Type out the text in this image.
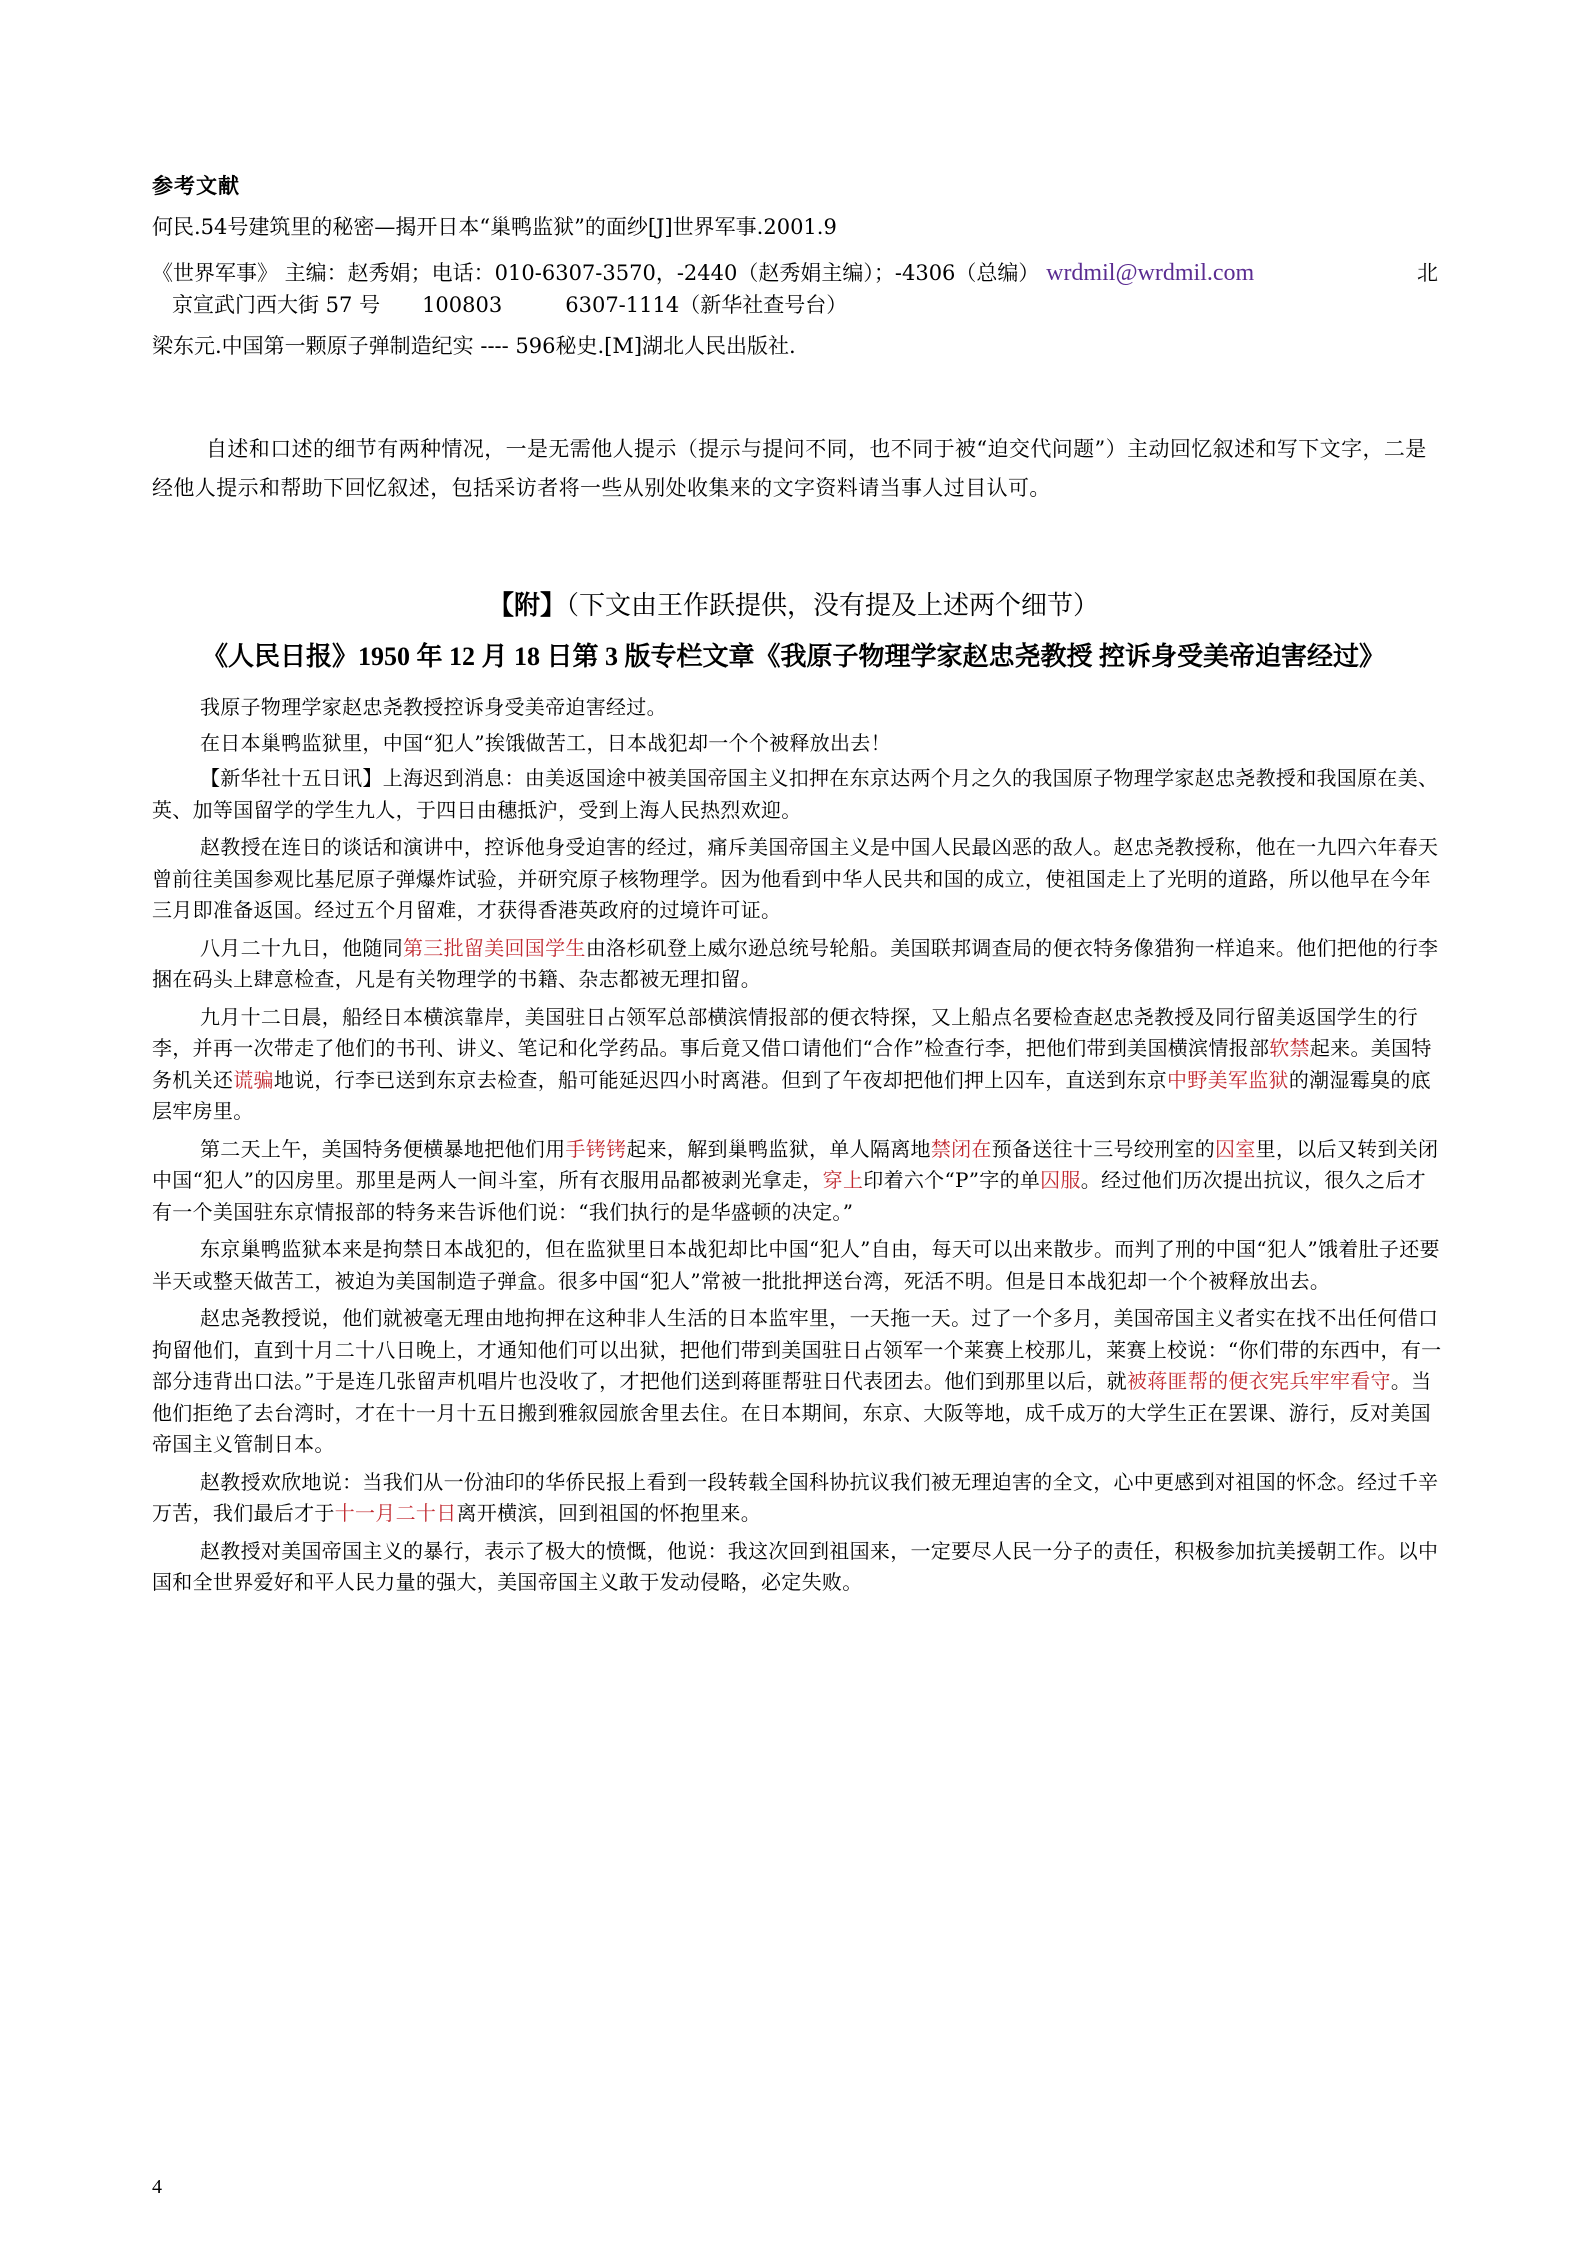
参考文献
何民.54号建筑里的秘密—揭开日本“巢鸭监狱”的面纱[J]世界军事.2001.9
《世界军事》 主编：赵秀娟；电话：010-6307-3570，-2440（赵秀娟主编）；-4306（总编） wrdmil@wrdmil.com	北
京宣武门西大街 57 号　　100803　　　6307-1114（新华社查号台）
梁东元.中国第一颗原子弹制造纪实 ---- 596秘史.[M]湖北人民出版社.
自述和口述的细节有两种情况，一是无需他人提示（提示与提问不同，也不同于被“迫交代问题”）主动回忆叙述和写下文字，二是经他人提示和帮助下回忆叙述，包括采访者将一些从别处收集来的文字资料请当事人过目认可。
【附】（下文由王作跃提供，没有提及上述两个细节）
《人民日报》1950 年 12 月 18 日第 3 版专栏文章《我原子物理学家赵忠尧教授 控诉身受美帝迫害经过》

我原子物理学家赵忠尧教授控诉身受美帝迫害经过。

在日本巢鸭监狱里，中国“犯人”挨饿做苦工，日本战犯却一个个被释放出去！

【新华社十五日讯】上海迟到消息：由美返国途中被美国帝国主义扣押在东京达两个月之久的我国原子物理学家赵忠尧教授和我国原在美、英、加等国留学的学生九人，于四日由穗抵沪，受到上海人民热烈欢迎。

赵教授在连日的谈话和演讲中，控诉他身受迫害的经过，痛斥美国帝国主义是中国人民最凶恶的敌人。赵忠尧教授称，他在一九四六年春天曾前往美国参观比基尼原子弹爆炸试验，并研究原子核物理学。因为他看到中华人民共和国的成立，使祖国走上了光明的道路，所以他早在今年三月即准备返国。经过五个月留难，才获得香港英政府的过境许可证。

八月二十九日，他随同第三批留美回国学生由洛杉矶登上威尔逊总统号轮船。美国联邦调查局的便衣特务像猎狗一样追来。他们把他的行李捆在码头上肆意检查，凡是有关物理学的书籍、杂志都被无理扣留。

九月十二日晨，船经日本横滨靠岸，美国驻日占领军总部横滨情报部的便衣特探，又上船点名要检查赵忠尧教授及同行留美返国学生的行李，并再一次带走了他们的书刊、讲义、笔记和化学药品。事后竟又借口请他们“合作”检查行李，把他们带到美国横滨情报部软禁起来。美国特务机关还谎骗地说，行李已送到东京去检查，船可能延迟四小时离港。但到了午夜却把他们押上囚车，直送到东京中野美军监狱的潮湿霉臭的底层牢房里。

第二天上午，美国特务便横暴地把他们用手铐铐起来，解到巢鸭监狱，单人隔离地禁闭在预备送往十三号绞刑室的囚室里，以后又转到关闭中国“犯人”的囚房里。那里是两人一间斗室，所有衣服用品都被剥光拿走，穿上印着六个“P”字的单囚服。经过他们历次提出抗议，很久之后才有一个美国驻东京情报部的特务来告诉他们说：“我们执行的是华盛顿的决定。”

东京巢鸭监狱本来是拘禁日本战犯的，但在监狱里日本战犯却比中国“犯人”自由，每天可以出来散步。而判了刑的中国“犯人”饿着肚子还要半天或整天做苦工，被迫为美国制造子弹盒。很多中国“犯人”常被一批批押送台湾，死活不明。但是日本战犯却一个个被释放出去。

赵忠尧教授说，他们就被毫无理由地拘押在这种非人生活的日本监牢里，一天拖一天。过了一个多月，美国帝国主义者实在找不出任何借口拘留他们，直到十月二十八日晚上，才通知他们可以出狱，把他们带到美国驻日占领军一个莱赛上校那儿，莱赛上校说：“你们带的东西中，有一部分违背出口法。”于是连几张留声机唱片也没收了，才把他们送到蒋匪帮驻日代表团去。他们到那里以后，就被蒋匪帮的便衣宪兵牢牢看守。当他们拒绝了去台湾时，才在十一月十五日搬到雅叙园旅舍里去住。在日本期间，东京、大阪等地，成千成万的大学生正在罢课、游行，反对美国帝国主义管制日本。

赵教授欢欣地说：当我们从一份油印的华侨民报上看到一段转载全国科协抗议我们被无理迫害的全文，心中更感到对祖国的怀念。经过千辛万苦，我们最后才于十一月二十日离开横滨，回到祖国的怀抱里来。

赵教授对美国帝国主义的暴行，表示了极大的愤慨，他说：我这次回到祖国来，一定要尽人民一分子的责任，积极参加抗美援朝工作。以中国和全世界爱好和平人民力量的强大，美国帝国主义敢于发动侵略，必定失败。

4
